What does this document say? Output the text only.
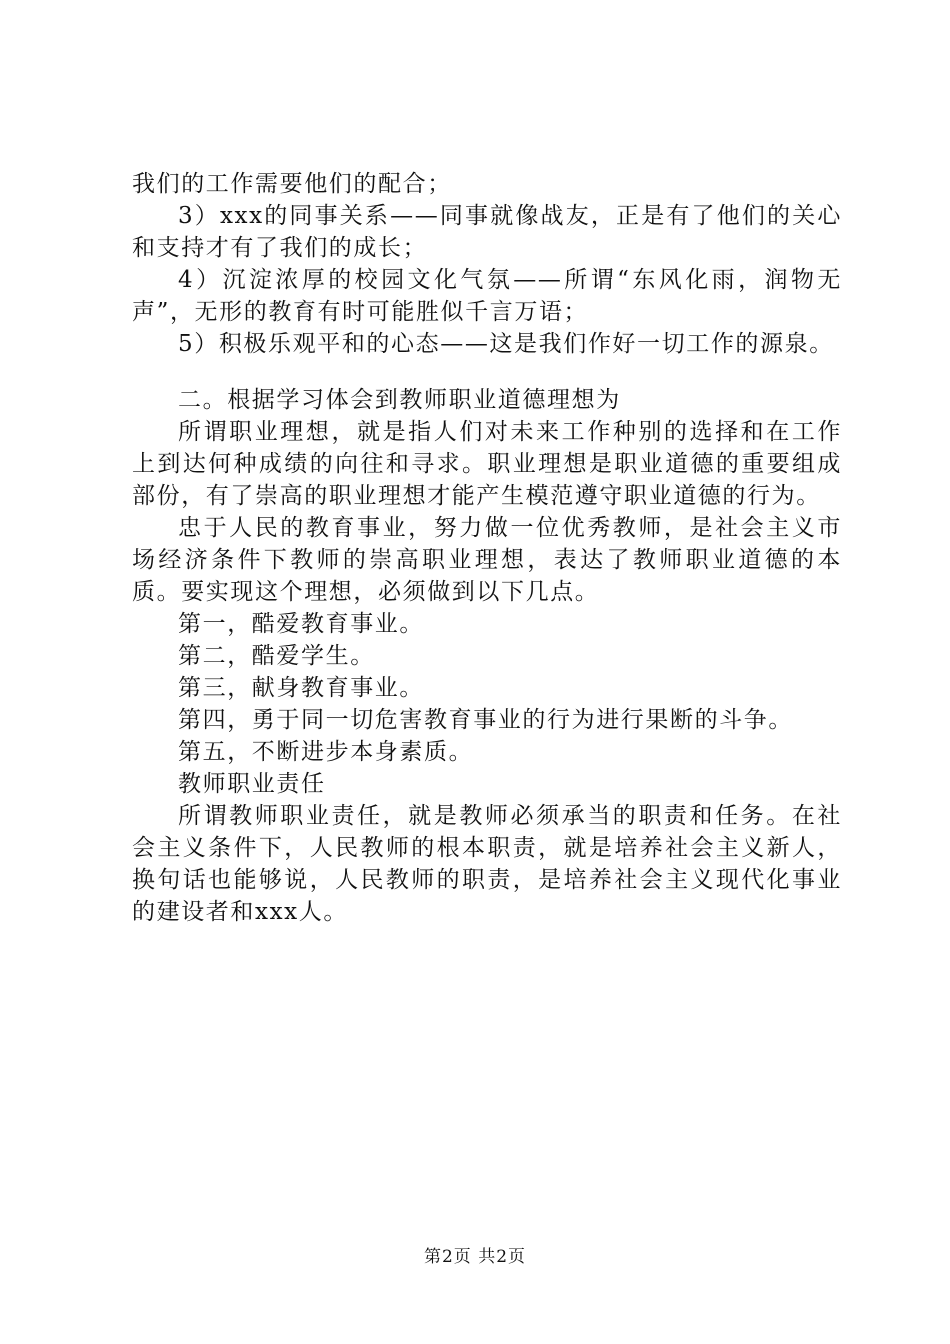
我们的工作需要他们的配合；

3）xxx的同事关系——同事就像战友，正是有了他们的关心和支持才有了我们的成长；

4）沉淀浓厚的校园文化气氛——所谓“东风化雨，润物无声”，无形的教育有时可能胜似千言万语；

5）积极乐观平和的心态——这是我们作好一切工作的源泉。

二。根据学习体会到教师职业道德理想为

所谓职业理想，就是指人们对未来工作种别的选择和在工作上到达何种成绩的向往和寻求。职业理想是职业道德的重要组成部份，有了崇高的职业理想才能产生模范遵守职业道德的行为。

忠于人民的教育事业，努力做一位优秀教师，是社会主义市场经济条件下教师的崇高职业理想，表达了教师职业道德的本质。要实现这个理想，必须做到以下几点。

第一，酷爱教育事业。

第二，酷爱学生。

第三，献身教育事业。

第四，勇于同一切危害教育事业的行为进行果断的斗争。

第五，不断进步本身素质。

教师职业责任

所谓教师职业责任，就是教师必须承当的职责和任务。在社会主义条件下，人民教师的根本职责，就是培养社会主义新人，换句话也能够说，人民教师的职责，是培养社会主义现代化事业的建设者和xxx人。

第2页 共2页
